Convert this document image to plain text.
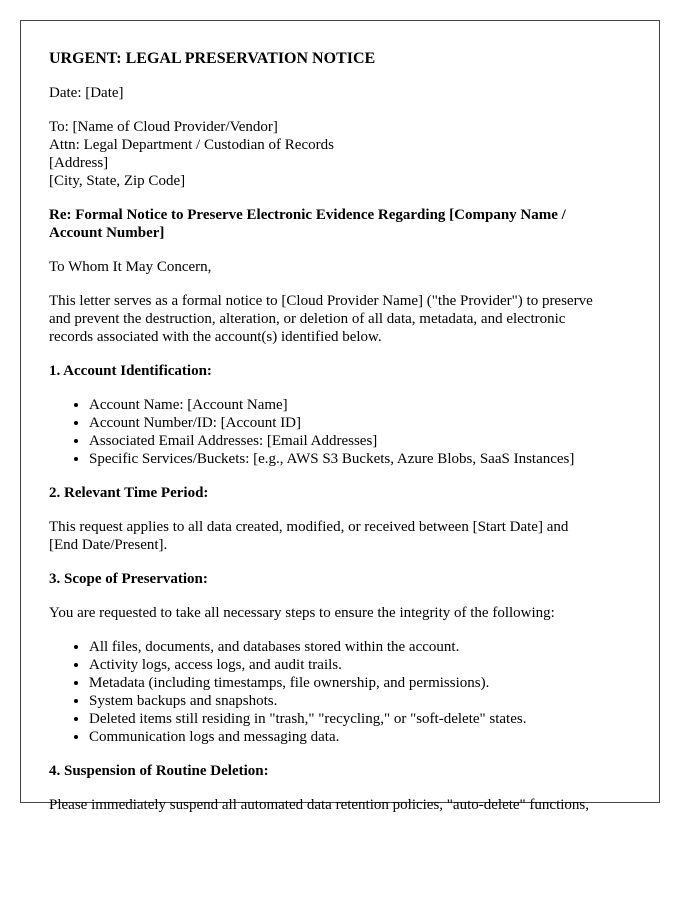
URGENT: LEGAL PRESERVATION NOTICE

Date: [Date]

To: [Name of Cloud Provider/Vendor]
Attn: Legal Department / Custodian of Records
[Address]
[City, State, Zip Code]
Re: Formal Notice to Preserve Electronic Evidence Regarding [Company Name /
Account Number]

To Whom It May Concern,

This letter serves as a formal notice to [Cloud Provider Name] ("the Provider") to preserve
and prevent the destruction, alteration, or deletion of all data, metadata, and electronic
records associated with the account(s) identified below.

1. Account Identification:

• Account Name: [Account Name]
• Account Number/ID: [Account ID]
• Associated Email Addresses: [Email Addresses]
• Specific Services/Buckets: [e.g., AWS S3 Buckets, Azure Blobs, SaaS Instances]

2. Relevant Time Period:

This request applies to all data created, modified, or received between [Start Date] and
[End Date/Present].

3. Scope of Preservation:

You are requested to take all necessary steps to ensure the integrity of the following:

• All files, documents, and databases stored within the account.
• Activity logs, access logs, and audit trails.
• Metadata (including timestamps, file ownership, and permissions).
• System backups and snapshots.
• Deleted items still residing in "trash," "recycling," or "soft-delete" states.
• Communication logs and messaging data.

4. Suspension of Routine Deletion:

Please immediately suspend all automated data retention policies, "auto-delete" functions,
